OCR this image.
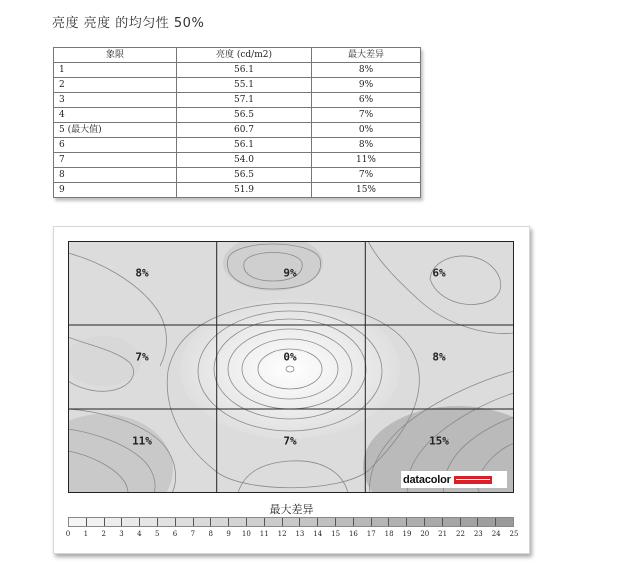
亮度 亮度 的均匀性 50%
象限	亮度 (cd/m2)	最大差异
1	56.1	8%
2	55.1	9%
3	57.1	6%
4	56.5	7%
5 (最大值)	60.7	0%
6	56.1	8%
7	54.0	11%
8	56.5	7%
9	51.9	15%
8%	9%	6%
7%	0%	8%
11%	7%	15%
datacolor
最大差异
0 1 2 3 4 5 6 7 8 9 10 11 12 13 14 15 16 17 18 19 20 21 22 23 24 25
